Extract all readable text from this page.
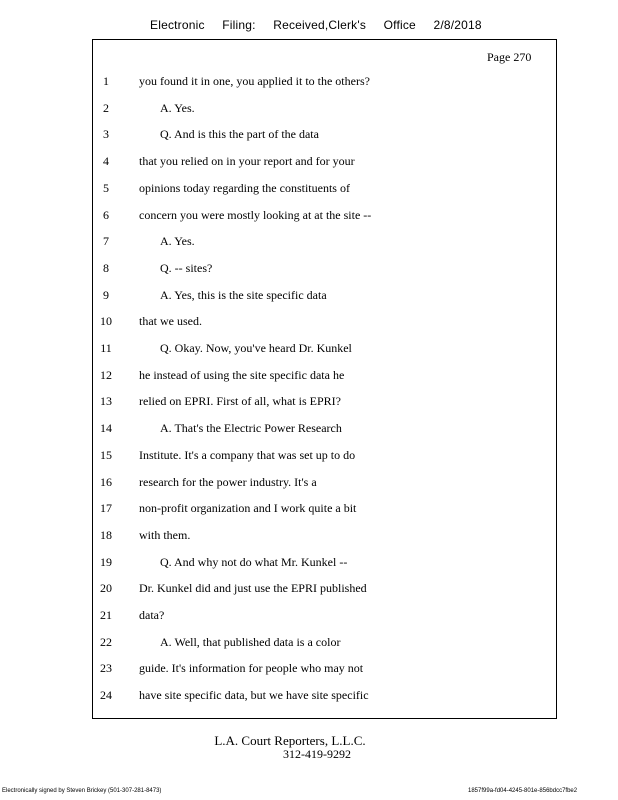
Electronic Filing: Received,Clerk's Office 2/8/2018
Page 270
1	you found it in one, you applied it to the others?
2	A. Yes.
3	Q. And is this the part of the data
4	that you relied on in your report and for your
5	opinions today regarding the constituents of
6	concern you were mostly looking at at the site --
7	A. Yes.
8	Q. -- sites?
9	A. Yes, this is the site specific data
10	that we used.
11	Q. Okay. Now, you've heard Dr. Kunkel
12	he instead of using the site specific data he
13	relied on EPRI. First of all, what is EPRI?
14	A. That's the Electric Power Research
15	Institute. It's a company that was set up to do
16	research for the power industry. It's a
17	non-profit organization and I work quite a bit
18	with them.
19	Q. And why not do what Mr. Kunkel --
20	Dr. Kunkel did and just use the EPRI published
21	data?
22	A. Well, that published data is a color
23	guide. It's information for people who may not
24	have site specific data, but we have site specific
L.A. Court Reporters, L.L.C.
312-419-9292
Electronically signed by Steven Brickey (501-307-281-8473)	1857f99a-fd04-4245-801e-856bdcc7fbe2
